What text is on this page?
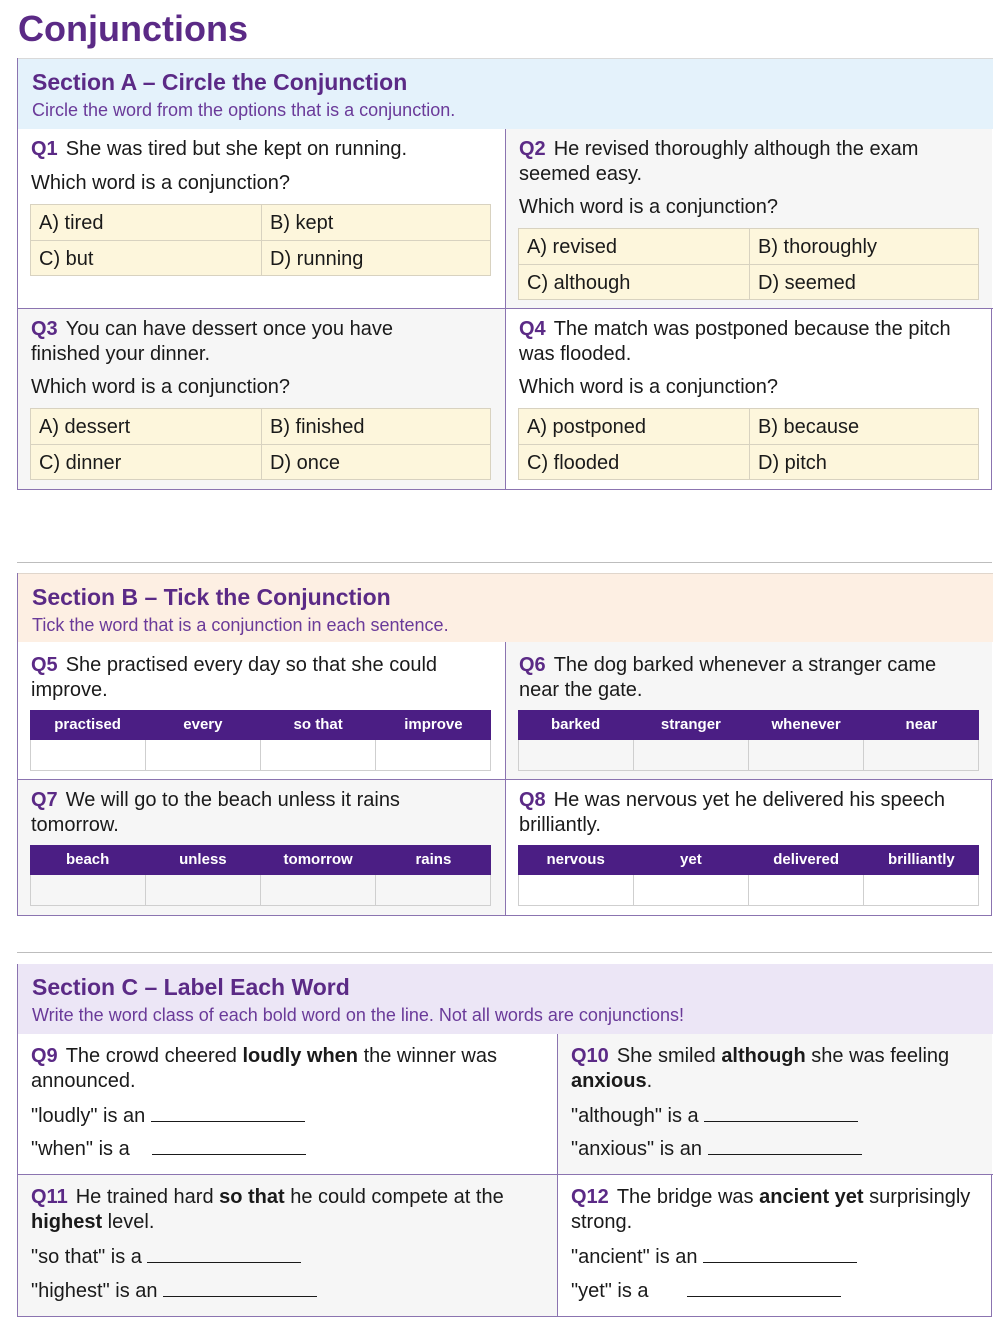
Conjunctions
Section A – Circle the Conjunction
Circle the word from the options that is a conjunction.
Q1 She was tired but she kept on running.
Which word is a conjunction?
A) tired	B) kept
C) but	D) running
Q2 He revised thoroughly although the exam seemed easy.
Which word is a conjunction?
A) revised	B) thoroughly
C) although	D) seemed
Q3 You can have dessert once you have finished your dinner.
Which word is a conjunction?
A) dessert	B) finished
C) dinner	D) once
Q4 The match was postponed because the pitch was flooded.
Which word is a conjunction?
A) postponed	B) because
C) flooded	D) pitch
Section B – Tick the Conjunction
Tick the word that is a conjunction in each sentence.
Q5 She practised every day so that she could improve.
practised	every	so that	improve
Q6 The dog barked whenever a stranger came near the gate.
barked	stranger	whenever	near
Q7 We will go to the beach unless it rains tomorrow.
beach	unless	tomorrow	rains
Q8 He was nervous yet he delivered his speech brilliantly.
nervous	yet	delivered	brilliantly
Section C – Label Each Word
Write the word class of each bold word on the line. Not all words are conjunctions!
Q9 The crowd cheered loudly when the winner was announced.
"loudly" is an
"when" is a
Q10 She smiled although she was feeling anxious.
"although" is a
"anxious" is an
Q11 He trained hard so that he could compete at the highest level.
"so that" is a
"highest" is an
Q12 The bridge was ancient yet surprisingly strong.
"ancient" is an
"yet" is a
